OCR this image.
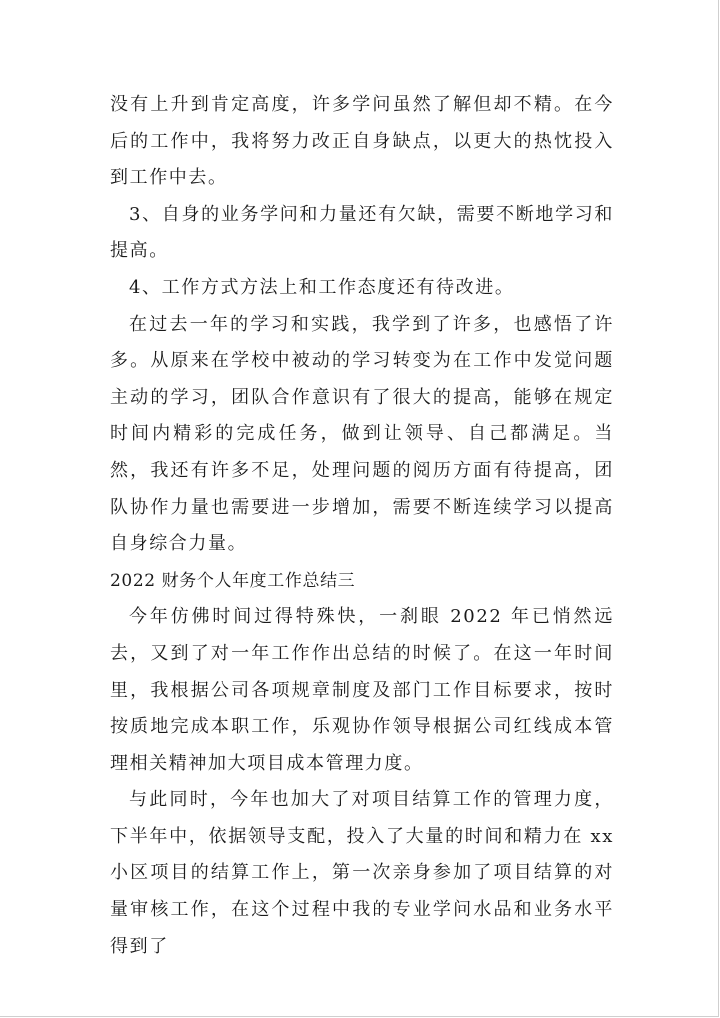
没有上升到肯定高度，许多学问虽然了解但却不精。在今后的工作中，我将努力改正自身缺点，以更大的热忱投入到工作中去。

3、自身的业务学问和力量还有欠缺，需要不断地学习和提高。

4、工作方式方法上和工作态度还有待改进。

在过去一年的学习和实践，我学到了许多，也感悟了许多。从原来在学校中被动的学习转变为在工作中发觉问题主动的学习，团队合作意识有了很大的提高，能够在规定时间内精彩的完成任务，做到让领导、自己都满足。当然，我还有许多不足，处理问题的阅历方面有待提高，团队协作力量也需要进一步增加，需要不断连续学习以提高自身综合力量。

2022 财务个人年度工作总结三

今年仿佛时间过得特殊快，一刹眼 2022 年已悄然远去，又到了对一年工作作出总结的时候了。在这一年时间里，我根据公司各项规章制度及部门工作目标要求，按时按质地完成本职工作，乐观协作领导根据公司红线成本管理相关精神加大项目成本管理力度。

与此同时，今年也加大了对项目结算工作的管理力度，下半年中，依据领导支配，投入了大量的时间和精力在 xx 小区项目的结算工作上，第一次亲身参加了项目结算的对量审核工作，在这个过程中我的专业学问水品和业务水平得到了
